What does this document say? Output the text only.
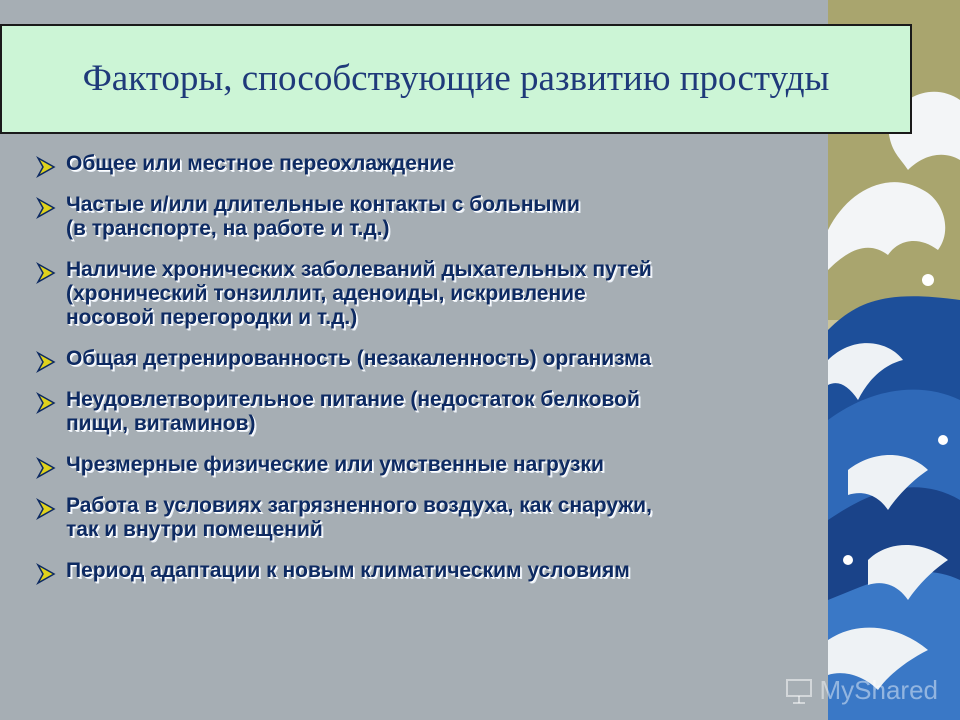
Факторы, способствующие развитию простуды
Общее или местное переохлаждение
Частые и/или длительные контакты с больными
(в транспорте, на работе и т.д.)
Наличие хронических заболеваний дыхательных путей
(хронический тонзиллит, аденоиды, искривление
носовой перегородки и т.д.)
Общая детренированность (незакаленность) организма
Неудовлетворительное питание (недостаток белковой
пищи, витаминов)
Чрезмерные физические или умственные нагрузки
Работа в условиях загрязненного воздуха, как снаружи,
так и внутри помещений
Период адаптации к новым климатическим условиям
MyShared
